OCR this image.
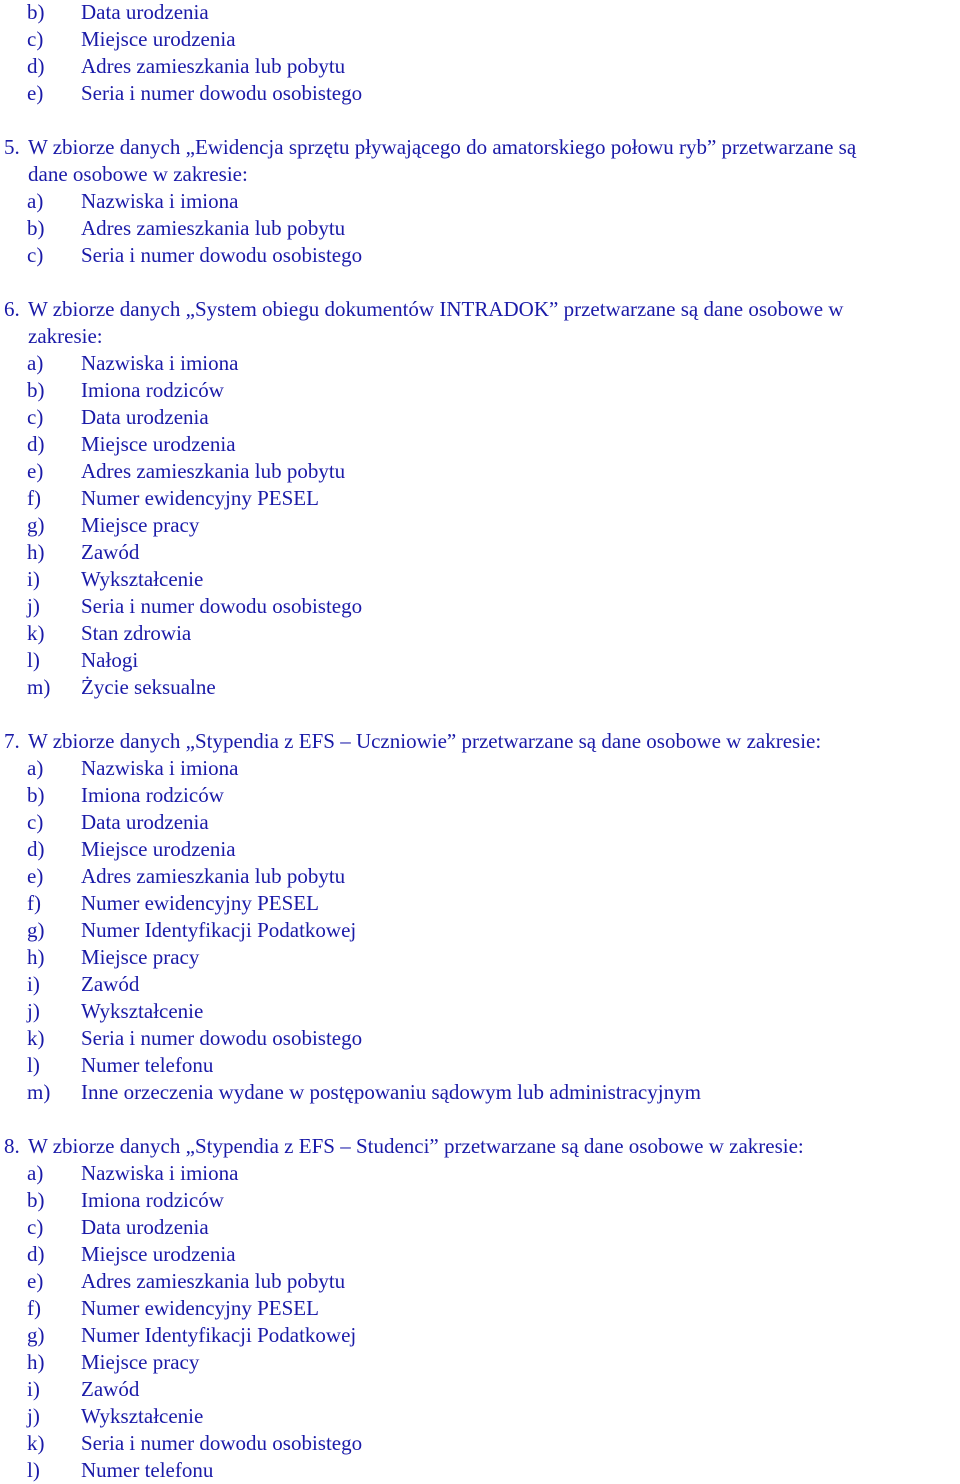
b) Data urodzenia
c) Miejsce urodzenia
d) Adres zamieszkania lub pobytu
e) Seria i numer dowodu osobistego
5. W zbiorze danych „Ewidencja sprzętu pływającego do amatorskiego połowu ryb” przetwarzane są
dane osobowe w zakresie:
a) Nazwiska i imiona
b) Adres zamieszkania lub pobytu
c) Seria i numer dowodu osobistego
6. W zbiorze danych „System obiegu dokumentów INTRADOK” przetwarzane są dane osobowe w
zakresie:
a) Nazwiska i imiona
b) Imiona rodziców
c) Data urodzenia
d) Miejsce urodzenia
e) Adres zamieszkania lub pobytu
f) Numer ewidencyjny PESEL
g) Miejsce pracy
h) Zawód
i) Wykształcenie
j) Seria i numer dowodu osobistego
k) Stan zdrowia
l) Nałogi
m) Życie seksualne
7. W zbiorze danych „Stypendia z EFS – Uczniowie” przetwarzane są dane osobowe w zakresie:
a) Nazwiska i imiona
b) Imiona rodziców
c) Data urodzenia
d) Miejsce urodzenia
e) Adres zamieszkania lub pobytu
f) Numer ewidencyjny PESEL
g) Numer Identyfikacji Podatkowej
h) Miejsce pracy
i) Zawód
j) Wykształcenie
k) Seria i numer dowodu osobistego
l) Numer telefonu
m) Inne orzeczenia wydane w postępowaniu sądowym lub administracyjnym
8. W zbiorze danych „Stypendia z EFS – Studenci” przetwarzane są dane osobowe w zakresie:
a) Nazwiska i imiona
b) Imiona rodziców
c) Data urodzenia
d) Miejsce urodzenia
e) Adres zamieszkania lub pobytu
f) Numer ewidencyjny PESEL
g) Numer Identyfikacji Podatkowej
h) Miejsce pracy
i) Zawód
j) Wykształcenie
k) Seria i numer dowodu osobistego
l) Numer telefonu
